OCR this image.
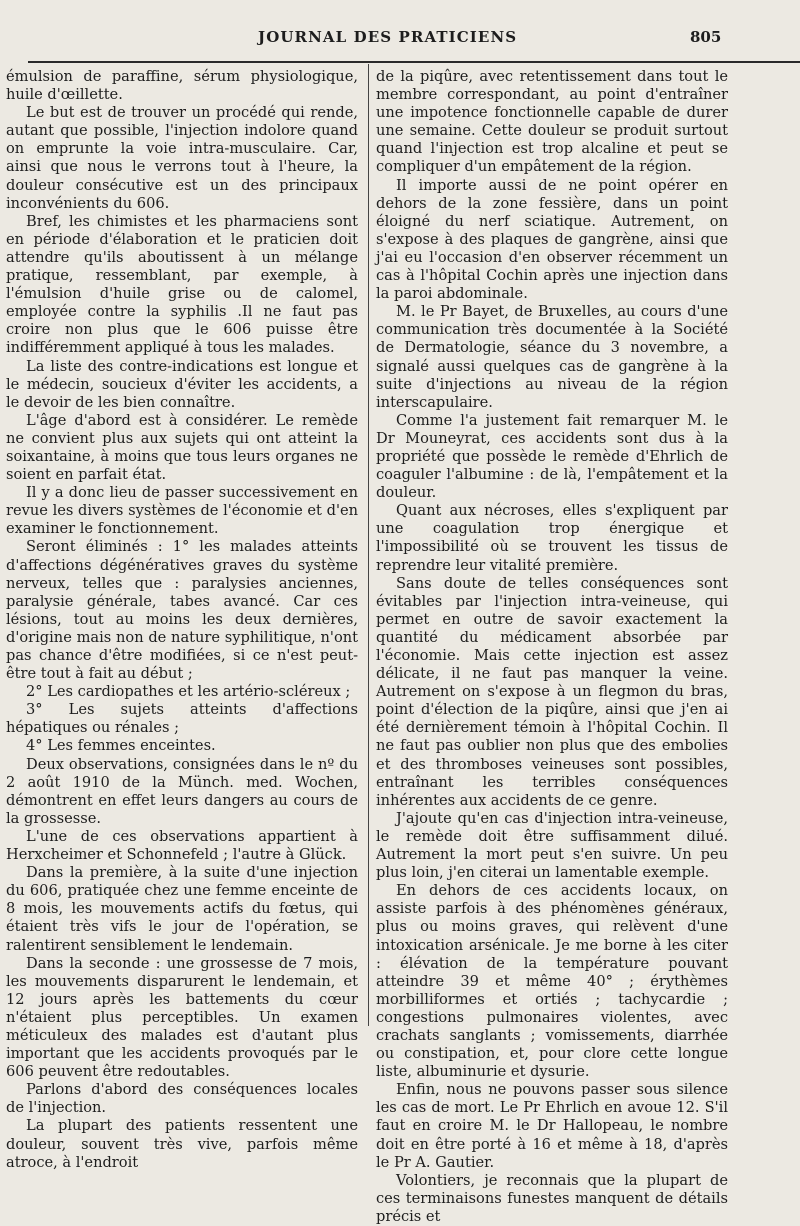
JOURNAL DES PRATICIENS	805

émulsion de paraffine, sérum physiologique, huile d'œillette.

Le but est de trouver un procédé qui rende, autant que possible, l'injection indolore quand on emprunte la voie intra-musculaire. Car, ainsi que nous le verrons tout à l'heure, la douleur consécutive est un des principaux inconvénients du 606.

Bref, les chimistes et les pharmaciens sont en période d'élaboration et le praticien doit attendre qu'ils aboutissent à un mélange pratique, ressemblant, par exemple, à l'émulsion d'huile grise ou de calomel, employée contre la syphilis .Il ne faut pas croire non plus que le 606 puisse être indifféremment appliqué à tous les malades.

La liste des contre-indications est longue et le médecin, soucieux d'éviter les accidents, a le devoir de les bien connaître.

L'âge d'abord est à considérer. Le remède ne convient plus aux sujets qui ont atteint la soixantaine, à moins que tous leurs organes ne soient en parfait état.

Il y a donc lieu de passer successivement en revue les divers systèmes de l'économie et d'en examiner le fonctionnement.

Seront éliminés : 1° les malades atteints d'affections dégénératives graves du système nerveux, telles que : paralysies anciennes, paralysie générale, tabes avancé. Car ces lésions, tout au moins les deux dernières, d'origine mais non de nature syphilitique, n'ont pas chance d'être modifiées, si ce n'est peut-être tout à fait au début ;

2° Les cardiopathes et les artério-scléreux ;

3° Les sujets atteints d'affections hépatiques ou rénales ;

4° Les femmes enceintes.

Deux observations, consignées dans le nº du 2 août 1910 de la Münch. med. Wochen, démontrent en effet leurs dangers au cours de la grossesse.

L'une de ces observations appartient à Herxcheimer et Schonnefeld ; l'autre à Glück.

Dans la première, à la suite d'une injection du 606, pratiquée chez une femme enceinte de 8 mois, les mouvements actifs du fœtus, qui étaient très vifs le jour de l'opération, se ralentirent sensiblement le lendemain.

Dans la seconde : une grossesse de 7 mois, les mouvements disparurent le lendemain, et 12 jours après les battements du cœur n'étaient plus perceptibles. Un examen méticuleux des malades est d'autant plus important que les accidents provoqués par le 606 peuvent être redoutables.

Parlons d'abord des conséquences locales de l'injection.

La plupart des patients ressentent une douleur, souvent très vive, parfois même atroce, à l'endroit

de la piqûre, avec retentissement dans tout le membre correspondant, au point d'entraîner une impotence fonctionnelle capable de durer une semaine. Cette douleur se produit surtout quand l'injection est trop alcaline et peut se compliquer d'un empâtement de la région.

Il importe aussi de ne point opérer en dehors de la zone fessière, dans un point éloigné du nerf sciatique. Autrement, on s'expose à des plaques de gangrène, ainsi que j'ai eu l'occasion d'en observer récemment un cas à l'hôpital Cochin après une injection dans la paroi abdominale.

M. le Pr Bayet, de Bruxelles, au cours d'une communication très documentée à la Société de Dermatologie, séance du 3 novembre, a signalé aussi quelques cas de gangrène à la suite d'injections au niveau de la région interscapulaire.

Comme l'a justement fait remarquer M. le Dr Mouneyrat, ces accidents sont dus à la propriété que possède le remède d'Ehrlich de coaguler l'albumine : de là, l'empâtement et la douleur.

Quant aux nécroses, elles s'expliquent par une coagulation trop énergique et l'impossibilité où se trouvent les tissus de reprendre leur vitalité première.

Sans doute de telles conséquences sont évitables par l'injection intra-veineuse, qui permet en outre de savoir exactement la quantité du médicament absorbée par l'économie. Mais cette injection est assez délicate, il ne faut pas manquer la veine. Autrement on s'expose à un flegmon du bras, point d'élection de la piqûre, ainsi que j'en ai été dernièrement témoin à l'hôpital Cochin. Il ne faut pas oublier non plus que des embolies et des thromboses veineuses sont possibles, entraînant les terribles conséquences inhérentes aux accidents de ce genre.

J'ajoute qu'en cas d'injection intra-veineuse, le remède doit être suffisamment dilué. Autrement la mort peut s'en suivre. Un peu plus loin, j'en citerai un lamentable exemple.

En dehors de ces accidents locaux, on assiste parfois à des phénomènes généraux, plus ou moins graves, qui relèvent d'une intoxication arsénicale. Je me borne à les citer : élévation de la température pouvant atteindre 39 et même 40° ; érythèmes morbilliformes et ortiés ; tachycardie ; congestions pulmonaires violentes, avec crachats sanglants ; vomissements, diarrhée ou constipation, et, pour clore cette longue liste, albuminurie et dysurie.

Enfin, nous ne pouvons passer sous silence les cas de mort. Le Pr Ehrlich en avoue 12. S'il faut en croire M. le Dr Hallopeau, le nombre doit en être porté à 16 et même à 18, d'après le Pr A. Gautier.

Volontiers, je reconnais que la plupart de ces terminaisons funestes manquent de détails précis et
